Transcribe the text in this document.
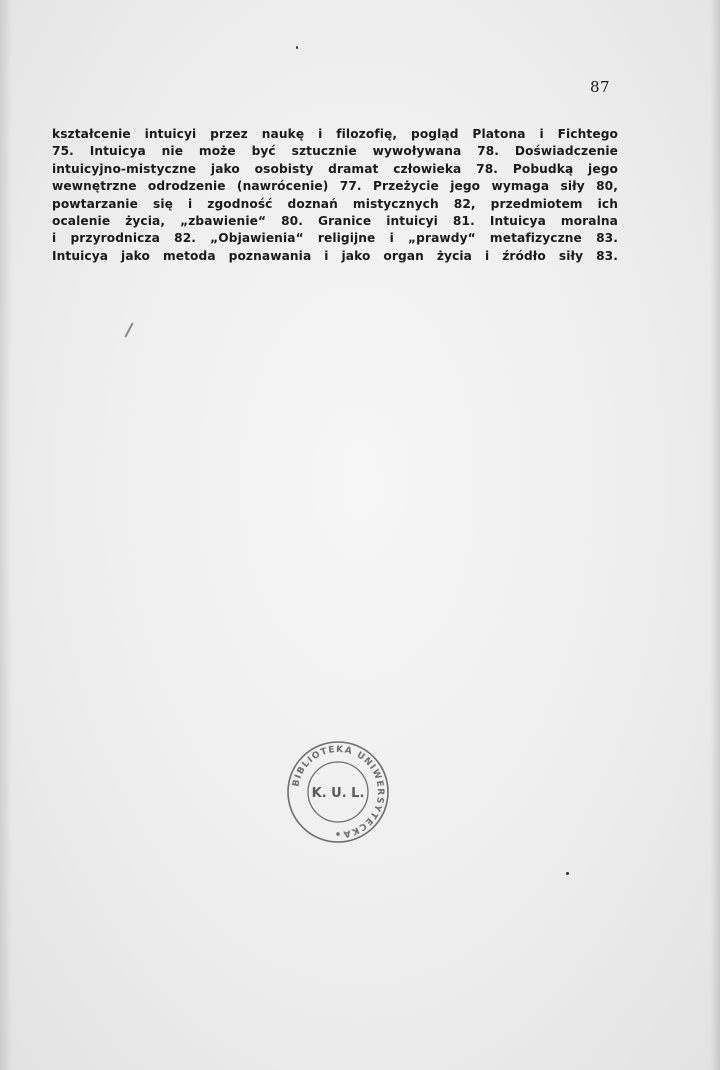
87
kształcenie intuicyi przez naukę i filozofię, pogląd Platona i Fichtego
75. Intuicya nie może być sztucznie wywoływana 78. Doświadczenie
intuicyjno-mistyczne jako osobisty dramat człowieka 78. Pobudką jego
wewnętrzne odrodzenie (nawrócenie) 77. Przeżycie jego wymaga siły 80,
powtarzanie się i zgodność doznań mistycznych 82, przedmiotem ich
ocalenie życia, „zbawienie“ 80. Granice intuicyi 81. Intuicya moralna
i przyrodnicza 82. „Objawienia“ religijne i „prawdy“ metafizyczne 83.
Intuicya jako metoda poznawania i jako organ życia i źródło siły 83.
BIBLIOTEKA UNIWERSYTECKA
K. U. L.
